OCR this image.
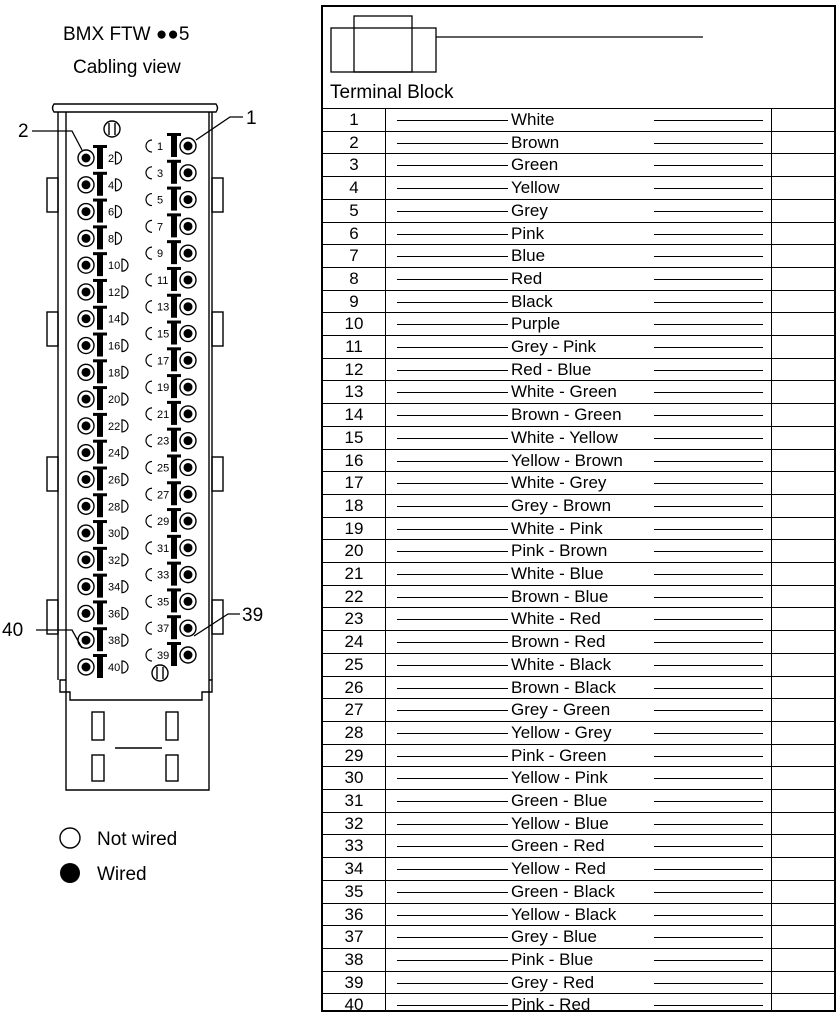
BMX FTW ●●5
Cabling view
1
2
3
4
5
6
7
8
9
10
11
12
13
14
15
16
17
18
19
20
21
22
23
24
25
26
27
28
29
30
31
32
33
34
35
36
37
38
39
40
2
1
40
39
Not wired
Wired
Terminal Block
1	White
2	Brown
3	Green
4	Yellow
5	Grey
6	Pink
7	Blue
8	Red
9	Black
10	Purple
11	Grey - Pink
12	Red - Blue
13	White - Green
14	Brown - Green
15	White - Yellow
16	Yellow - Brown
17	White - Grey
18	Grey - Brown
19	White - Pink
20	Pink - Brown
21	White - Blue
22	Brown - Blue
23	White - Red
24	Brown - Red
25	White - Black
26	Brown - Black
27	Grey - Green
28	Yellow - Grey
29	Pink - Green
30	Yellow - Pink
31	Green - Blue
32	Yellow - Blue
33	Green - Red
34	Yellow - Red
35	Green - Black
36	Yellow - Black
37	Grey - Blue
38	Pink - Blue
39	Grey - Red
40	Pink - Red
